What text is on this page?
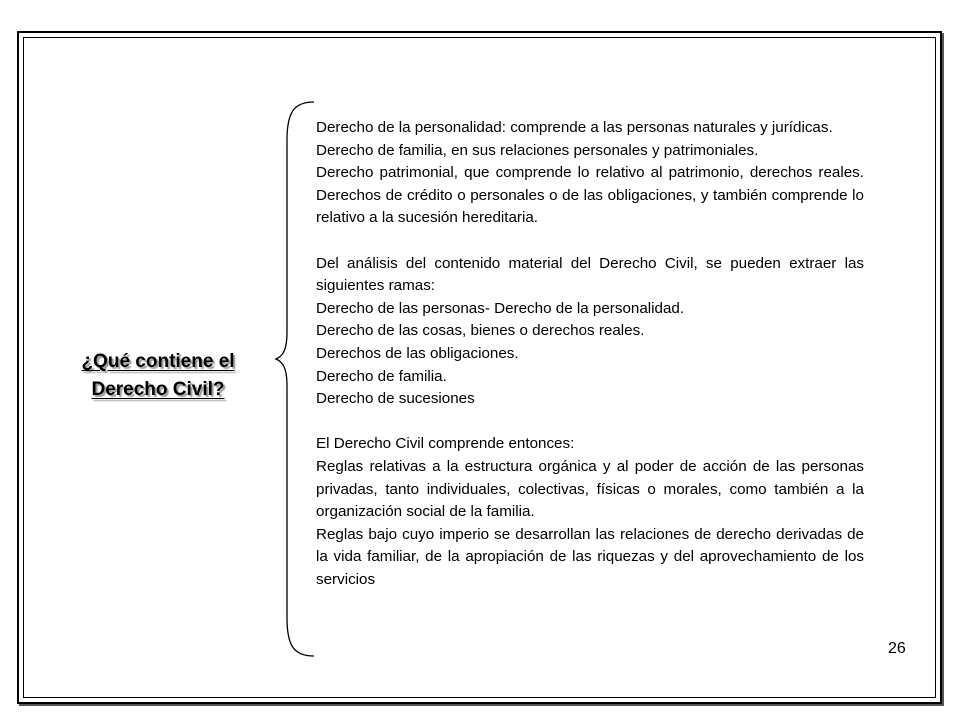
¿Qué contiene el Derecho Civil?

Derecho de la personalidad: comprende a las personas naturales y jurídicas.

Derecho de familia, en sus relaciones personales y patrimoniales.

Derecho patrimonial, que comprende lo relativo al patrimonio, derechos reales. Derechos de crédito o personales o de las obligaciones, y también comprende lo relativo a la sucesión hereditaria.

Del análisis del contenido material del Derecho Civil, se pueden extraer las siguientes ramas:

Derecho de las personas- Derecho de la personalidad.

Derecho de las cosas, bienes o derechos reales.

Derechos de las obligaciones.

Derecho de familia.

Derecho de sucesiones

El Derecho Civil comprende entonces:

Reglas relativas a la estructura orgánica y al poder de acción de las personas privadas, tanto individuales, colectivas, físicas o morales, como también a la organización social de la familia.

Reglas bajo cuyo imperio se desarrollan las relaciones de derecho derivadas de la vida familiar, de la apropiación de las riquezas y del aprovechamiento de los servicios

26
